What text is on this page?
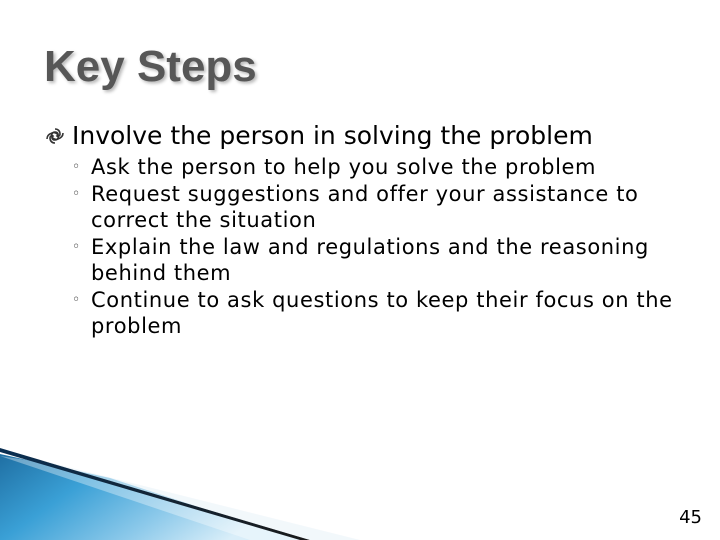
Key Steps
Involve the person in solving the problem
◦ Ask the person to help you solve the problem
◦ Request suggestions and offer your assistance to correct the situation
◦ Explain the law and regulations and the reasoning behind them
◦ Continue to ask questions to keep their focus on the problem
45
